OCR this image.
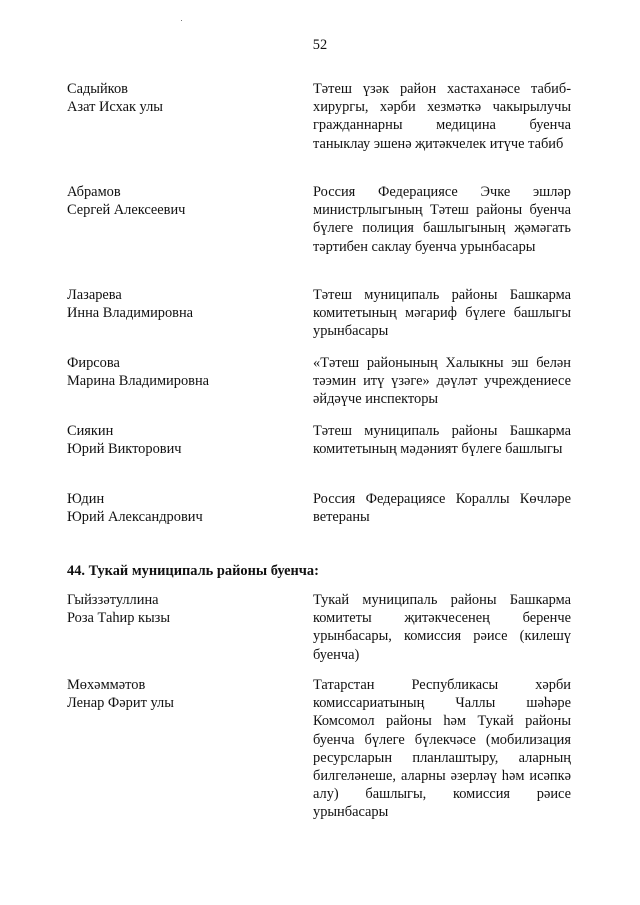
52
Садыйков
Азат Исхак улы
Тәтеш үзәк район хастаханәсе табиб-хирургы, хәрби хезмәткә чакырылучы гражданнарны медицина буенча таныклау эшенә җитәкчелек итүче табиб
Абрамов
Сергей Алексеевич
Россия Федерациясе Эчке эшләр министрлыгының Тәтеш районы буенча бүлеге полиция башлыгының җәмәгать тәртибен саклау буенча урынбасары
Лазарева
Инна Владимировна
Тәтеш муниципаль районы Башкарма комитетының мәгариф бүлеге башлыгы урынбасары
Фирсова
Марина Владимировна
«Тәтеш районының Халыкны эш белән тәэмин итү үзәге» дәүләт учреждениесе әйдәүче инспекторы
Сиякин
Юрий Викторович
Тәтеш муниципаль районы Башкарма комитетының мәдәният бүлеге башлыгы
Юдин
Юрий Александрович
Россия Федерациясе Кораллы Көчләре ветераны
44. Тукай муниципаль районы буенча:
Гыйззәтуллина
Роза Таһир кызы
Тукай муниципаль районы Башкарма комитеты җитәкчесенең беренче урынбасары, комиссия рәисе (килешү буенча)
Мөхәммәтов
Ленар Фәрит улы
Татарстан Республикасы хәрби комиссариатының Чаллы шәһәре Комсомол районы һәм Тукай районы буенча бүлеге бүлекчәсе (мобилизация ресурсларын планлаштыру, аларның билгеләнеше, аларны әзерләү һәм исәпкә алу) башлыгы, комиссия рәисе урынбасары
